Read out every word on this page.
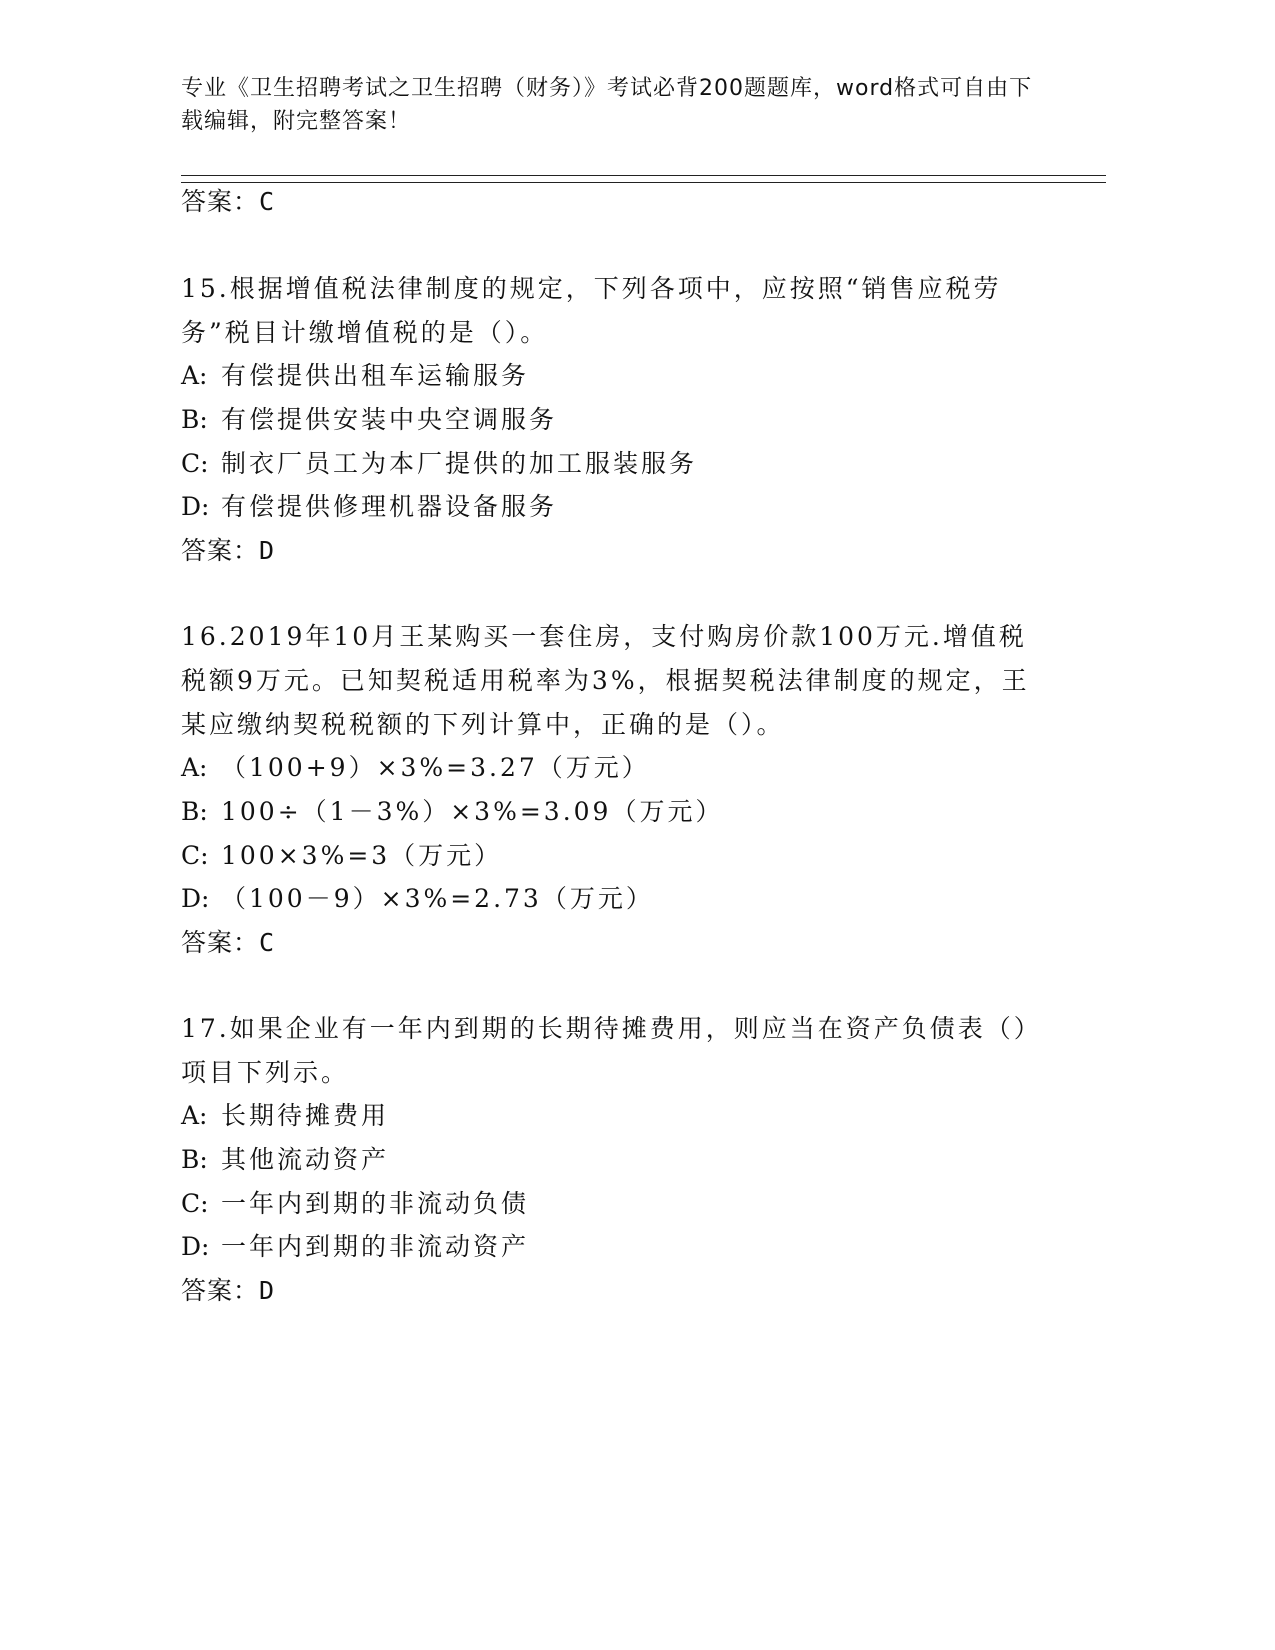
专业《卫生招聘考试之卫生招聘（财务）》考试必背200题题库，word格式可自由下载编辑，附完整答案！
答案：C
15.根据增值税法律制度的规定，下列各项中，应按照“销售应税劳务”税目计缴增值税的是（）。
A: 有偿提供出租车运输服务
B: 有偿提供安装中央空调服务
C: 制衣厂员工为本厂提供的加工服装服务
D: 有偿提供修理机器设备服务
答案：D
16.2019年10月王某购买一套住房，支付购房价款100万元.增值税税额9万元。已知契税适用税率为3%，根据契税法律制度的规定，王某应缴纳契税税额的下列计算中，正确的是（）。
A: （100+9）×3%=3.27（万元）
B: 100÷（1－3%）×3%=3.09（万元）
C: 100×3%=3（万元）
D: （100－9）×3%=2.73（万元）
答案：C
17.如果企业有一年内到期的长期待摊费用，则应当在资产负债表（）项目下列示。
A: 长期待摊费用
B: 其他流动资产
C: 一年内到期的非流动负债
D: 一年内到期的非流动资产
答案：D
